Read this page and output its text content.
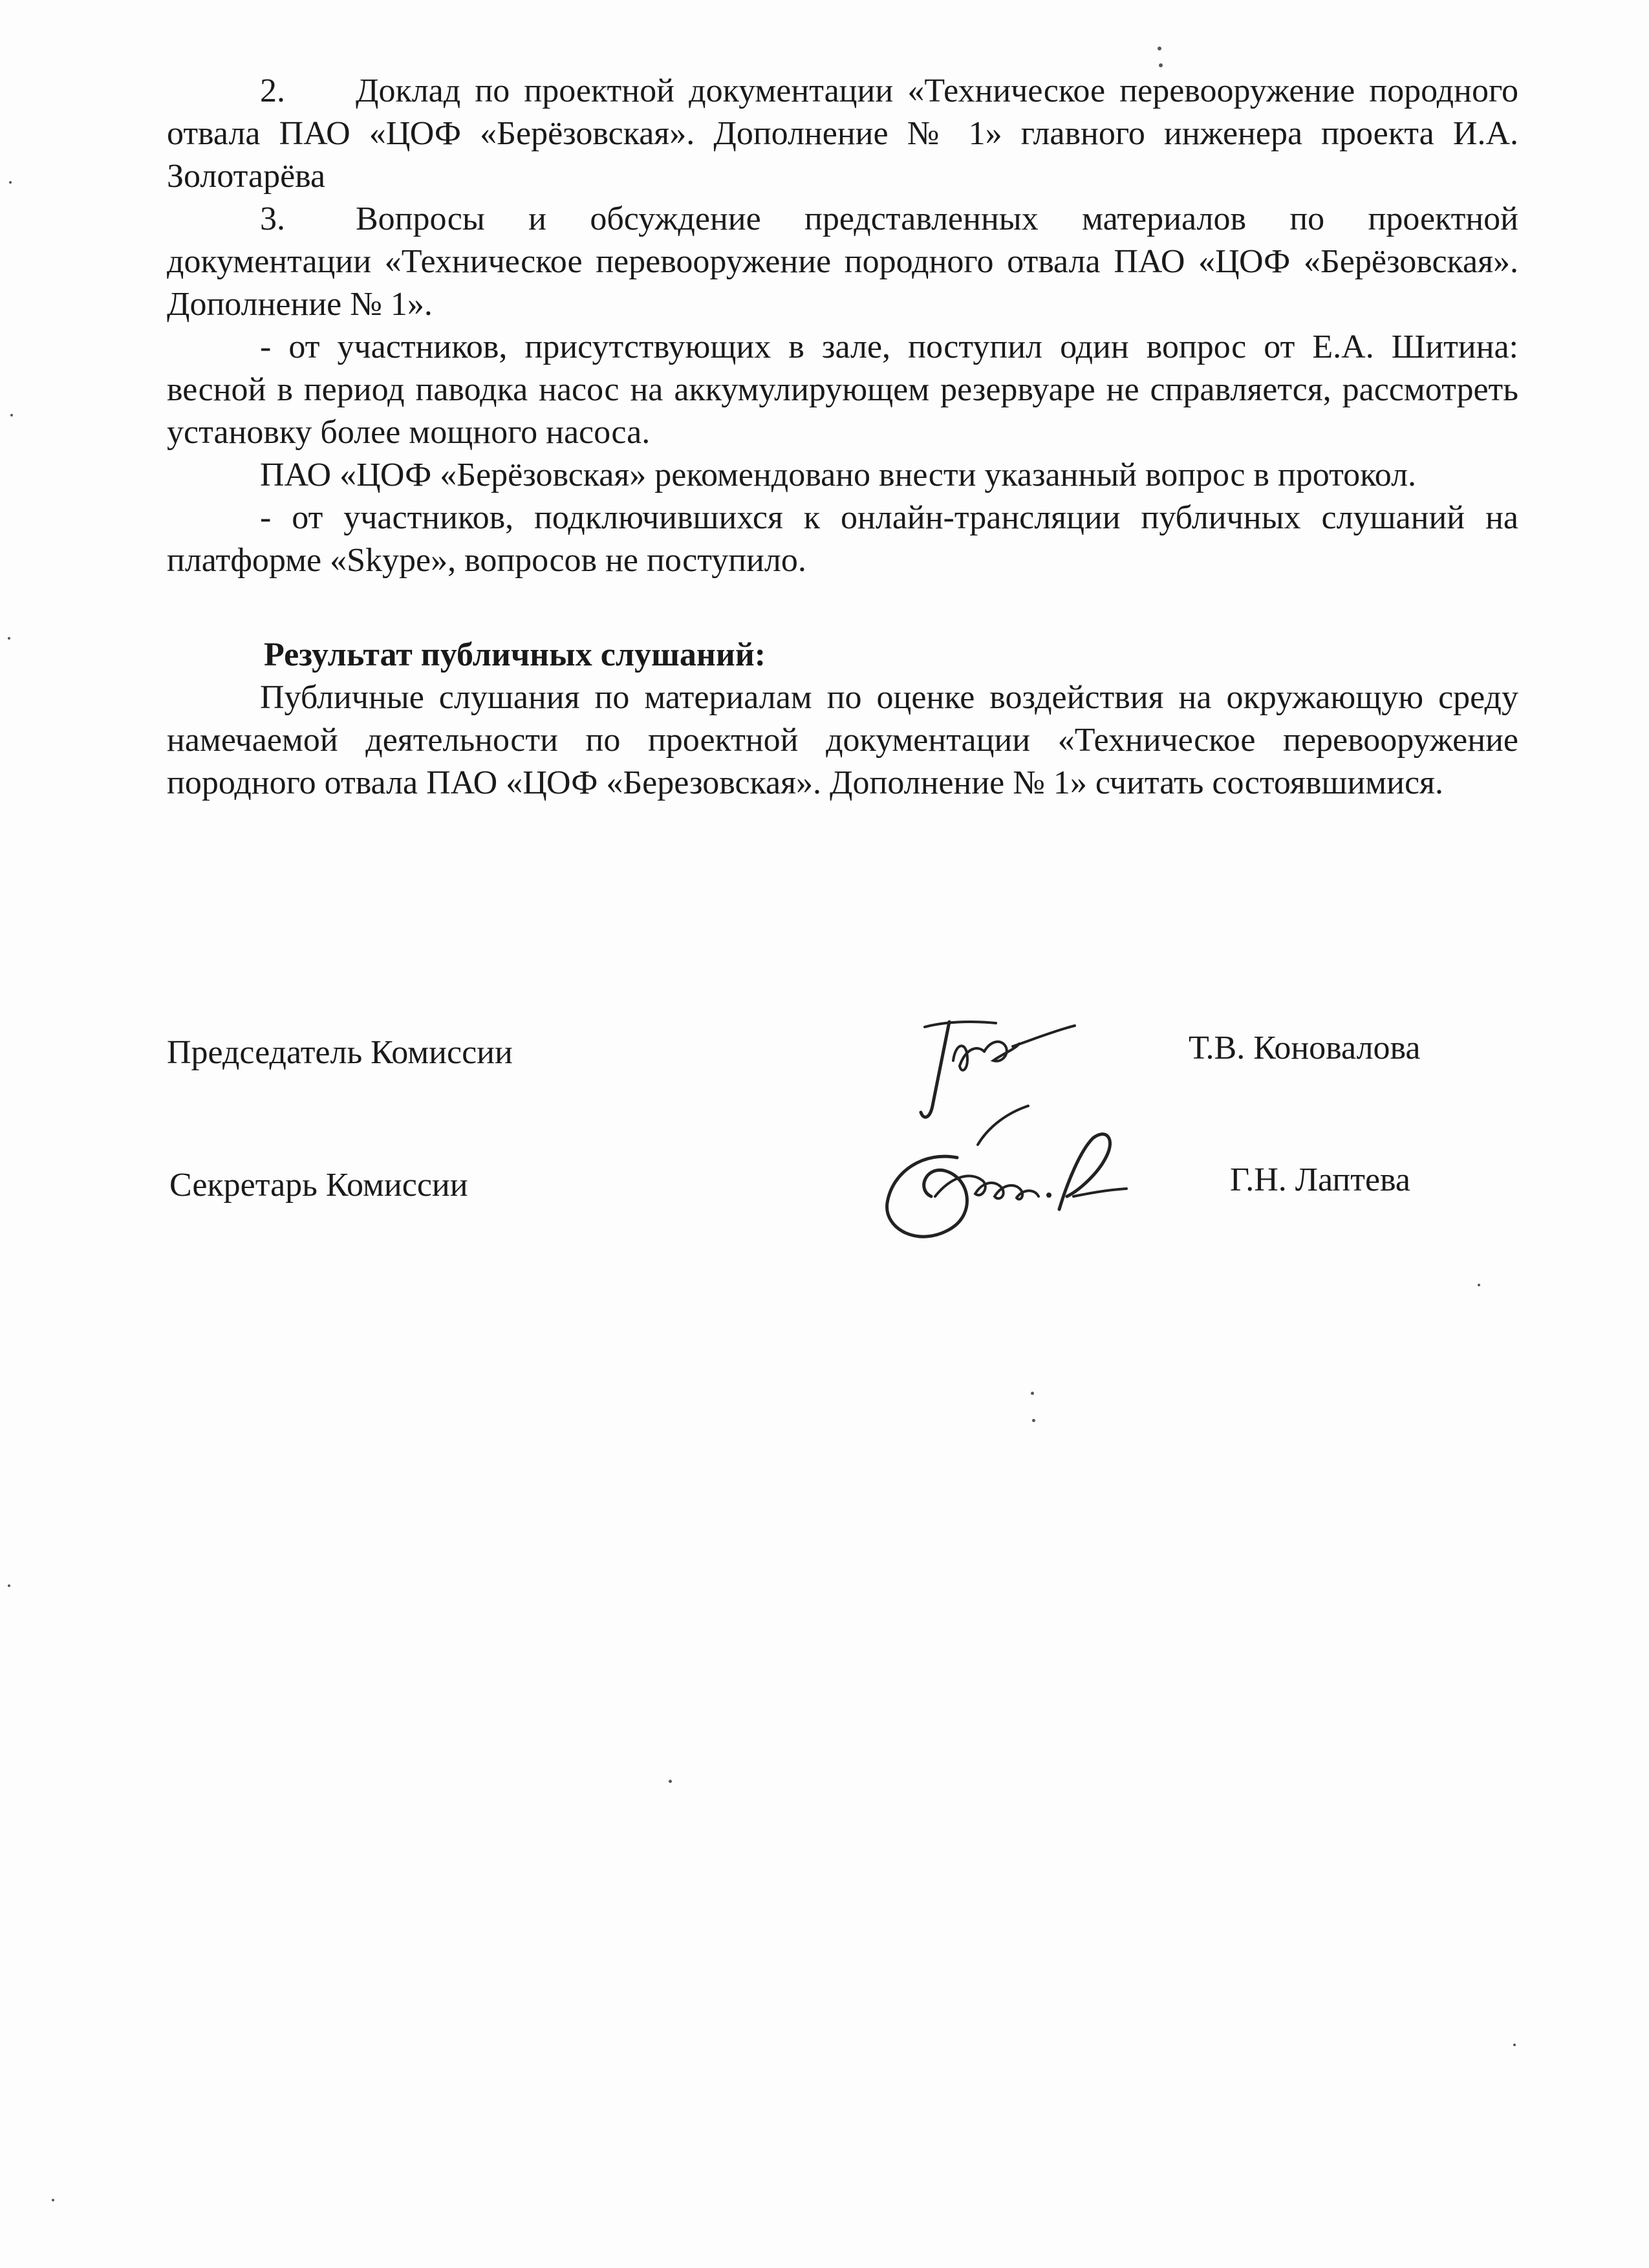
2. Доклад по проектной документации «Техническое перевооружение породного отвала ПАО «ЦОФ «Берёзовская». Дополнение № 1» главного инженера проекта И.А. Золотарёва

3. Вопросы и обсуждение представленных материалов по проектной документации «Техническое перевооружение породного отвала ПАО «ЦОФ «Берёзовская». Дополнение № 1».

- от участников, присутствующих в зале, поступил один вопрос от Е.А. Шитина: весной в период паводка насос на аккумулирующем резервуаре не справляется, рассмотреть установку более мощного насоса.

ПАО «ЦОФ «Берёзовская» рекомендовано внести указанный вопрос в протокол.

- от участников, подключившихся к онлайн-трансляции публичных слушаний на платформе «Skype», вопросов не поступило.

Результат публичных слушаний:

Публичные слушания по материалам по оценке воздействия на окружающую среду намечаемой деятельности по проектной документации «Техническое перевооружение породного отвала ПАО «ЦОФ «Березовская». Дополнение № 1» считать состоявшимися.

Председатель Комиссии	Т.В. Коновалова
Секретарь Комиссии	Г.Н. Лаптева
